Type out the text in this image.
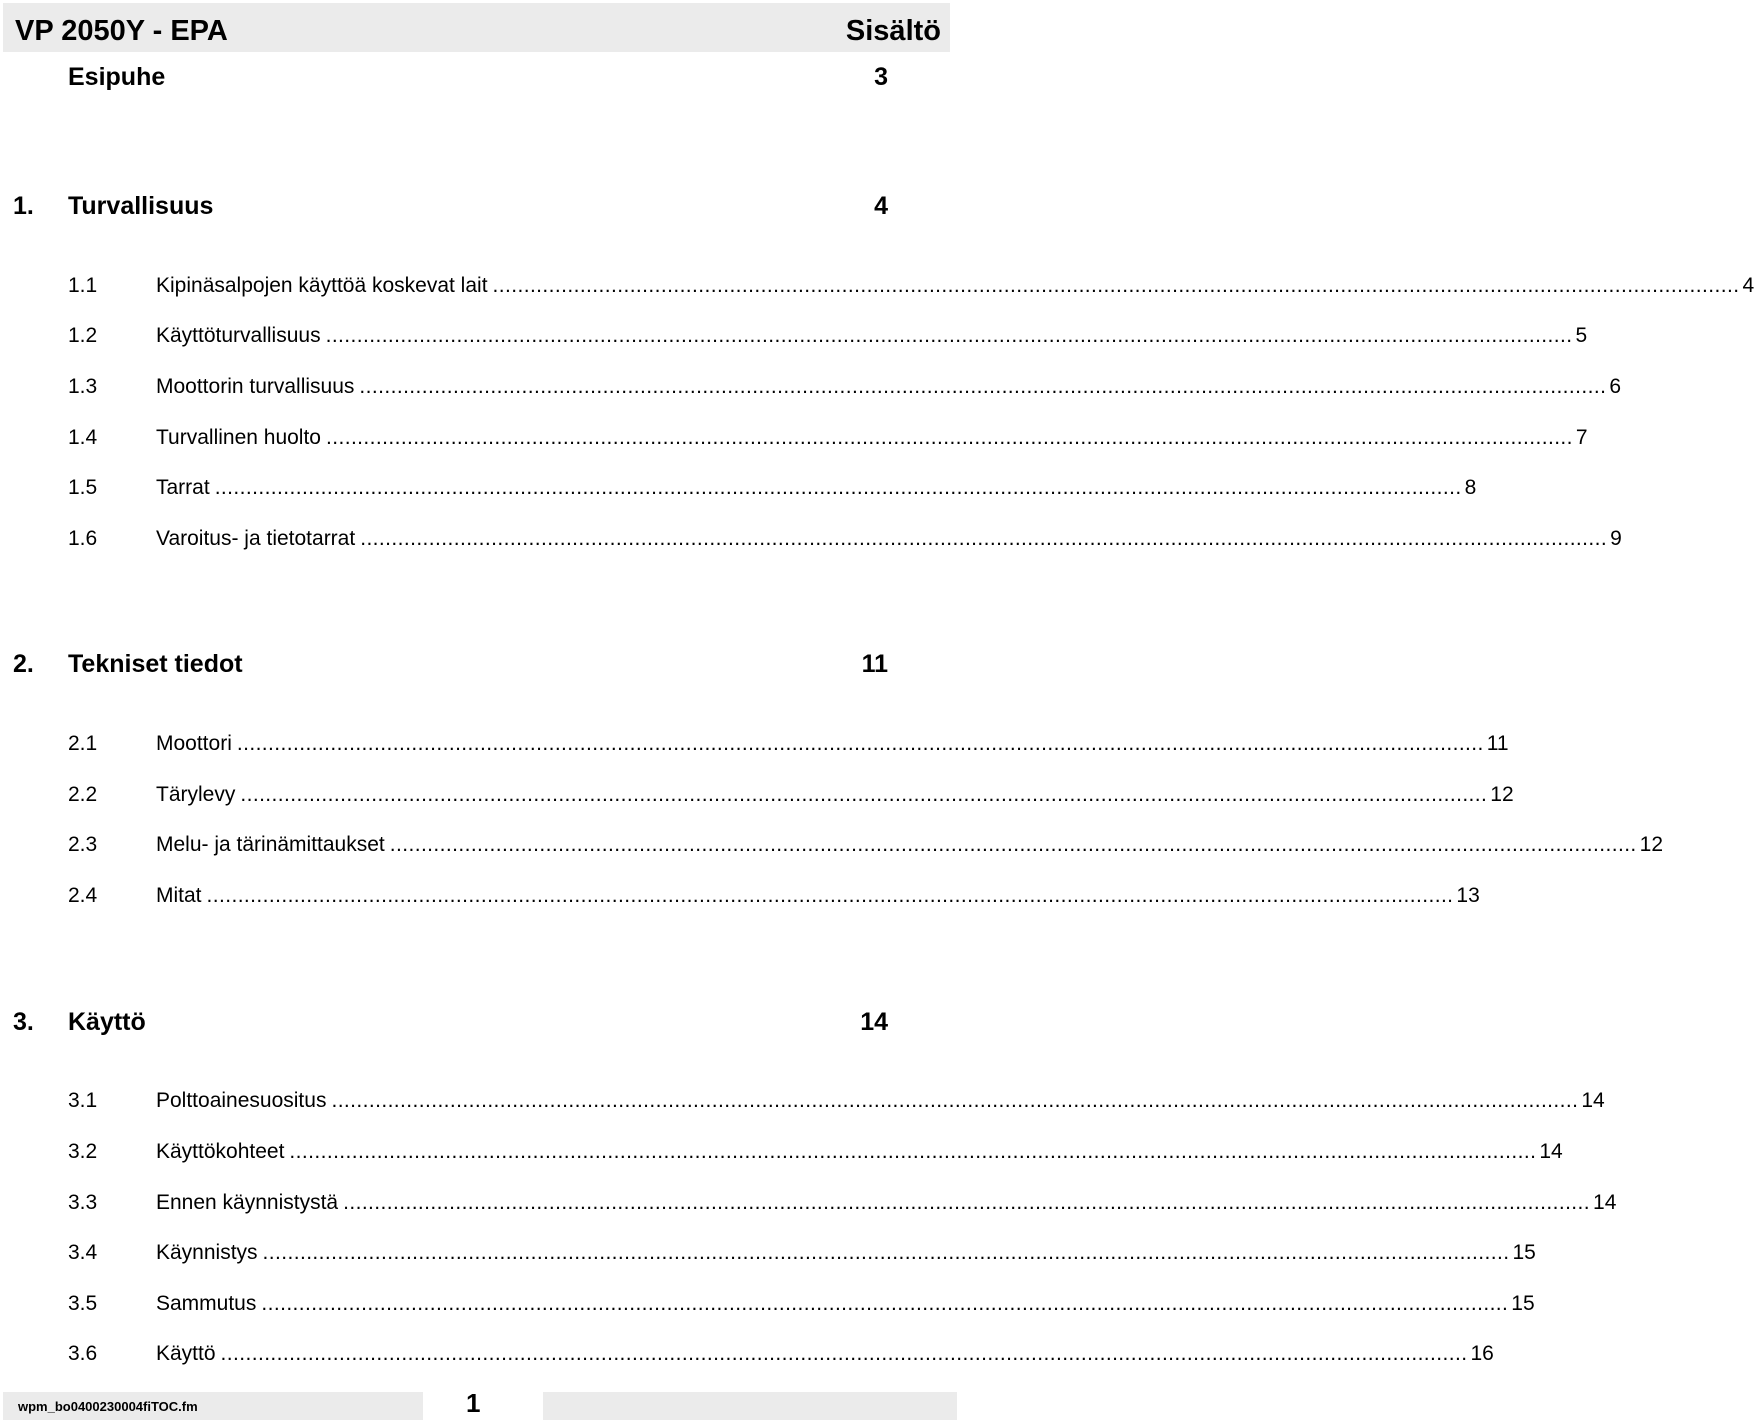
VP 2050Y - EPA	Sisältö
Esipuhe	3
1. Turvallisuus	4
1.1	Kipinäsalpojen käyttöä koskevat lait ........................................................................................................................................................................................................ 4
1.2	Käyttöturvallisuus ........................................................................................................................................................................................................ 5
1.3	Moottorin turvallisuus ........................................................................................................................................................................................................ 6
1.4	Turvallinen huolto ........................................................................................................................................................................................................ 7
1.5	Tarrat ........................................................................................................................................................................................................ 8
1.6	Varoitus- ja tietotarrat ........................................................................................................................................................................................................ 9
2. Tekniset tiedot	11
2.1	Moottori ........................................................................................................................................................................................................ 11
2.2	Tärylevy ........................................................................................................................................................................................................ 12
2.3	Melu- ja tärinämittaukset ........................................................................................................................................................................................................ 12
2.4	Mitat ........................................................................................................................................................................................................ 13
3. Käyttö	14
3.1	Polttoainesuositus ........................................................................................................................................................................................................ 14
3.2	Käyttökohteet ........................................................................................................................................................................................................ 14
3.3	Ennen käynnistystä ........................................................................................................................................................................................................ 14
3.4	Käynnistys ........................................................................................................................................................................................................ 15
3.5	Sammutus ........................................................................................................................................................................................................ 15
3.6	Käyttö ........................................................................................................................................................................................................ 16
wpm_bo0400230004fiTOC.fm	1
